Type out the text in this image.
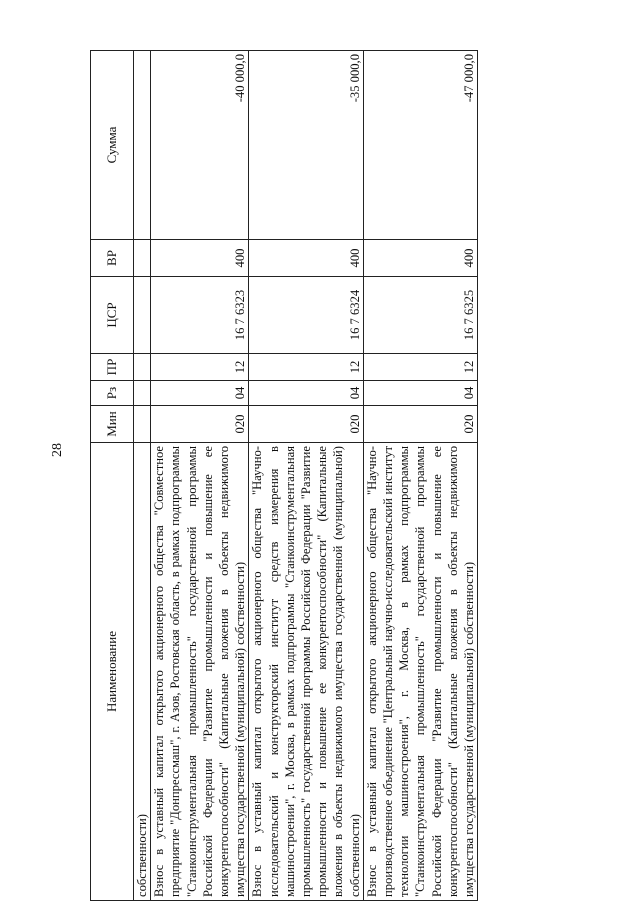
28
Наименование	Мин	Рз	ПР	ЦСР	ВР	Сумма
собственности)						
Взнос в уставный капитал открытого акционерного общества "Совместное предприятие "Донпрессмаш", г. Азов, Ростовская область, в рамках подпрограммы "Станкоинструментальная промышленность" государственной программы Российской Федерации "Развитие промышленности и повышение ее конкурентоспособности" (Капитальные вложения в объекты недвижимого имущества государственной (муниципальной) собственности)	020	04	12	16 7 6323	400	-40 000,0
Взнос в уставный капитал открытого акционерного общества "Научно-исследовательский и конструкторский институт средств измерения в машиностроении", г. Москва, в рамках подпрограммы "Станкоинструментальная промышленность" государственной программы Российской Федерации "Развитие промышленности и повышение ее конкурентоспособности" (Капитальные вложения в объекты недвижимого имущества государственной (муниципальной) собственности)	020	04	12	16 7 6324	400	-35 000,0
Взнос в уставный капитал открытого акционерного общества "Научно-производственное объединение "Центральный научно-исследовательский институт технологии машиностроения", г. Москва, в рамках подпрограммы "Станкоинструментальная промышленность" государственной программы Российской Федерации "Развитие промышленности и повышение ее конкурентоспособности" (Капитальные вложения в объекты недвижимого имущества государственной (муниципальной) собственности)	020	04	12	16 7 6325	400	-47 000,0
